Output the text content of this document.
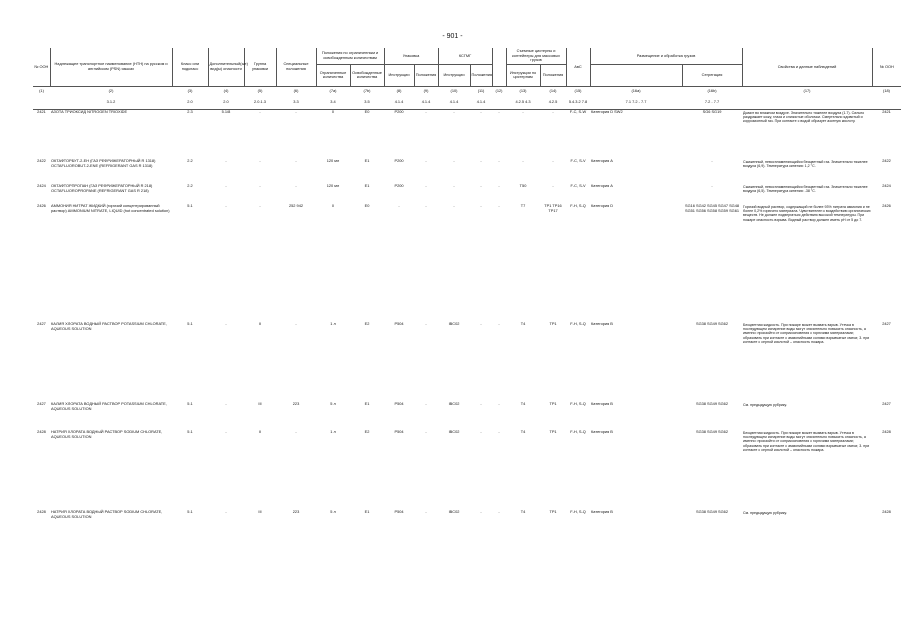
- 901 -
№ ООН	Надлежащее транспортное наименование (НТН) на русском и английском (PSN) языках	Класс или подкласс	Дополнительный(ые) вид(ы) опасности	Группа упаковки	Специальные положения	Положения по ограниченным и освобожденным количествам		Упаковка		КСГМГ			Съемные цистерны и контейнеры для массовых грузов		АвС	Размещение и обработка грузов		Свойства и данные наблюдений	№ ООН
						Ограниченные количества	Освобожденные количества	Инструкции	Положения	Инструкции	Положения		Инструкции по цистернам	Положения			Сегрегация		
(1)	(2)	(3)	(4)	(5)	(6)	(7a)	(7b)	(8)	(9)	(10)	(11)	(12)	(13)	(14)	(15)	(16a)	(16b)	(17)	(18)
	3.1.2	2.0	2.0	2.0.1.3	3.3	3.4	3.5	4.1.4	4.1.4	4.1.4	4.1.4		4.2.5 4.3	4.2.5	5.4.3.2 7.8	7.1 7.2 - 7.7	7.2 - 7.7		
2421	АЗОТА ТРИОКСИД NITROGEN TRIOXIDE	2.3	5.1/8	-	-	0	E0	P200	-	-	-	-	-	-	F-C, S-W	Категория D SW2	SG6 SG19	Дымит во влажном воздухе. Значительно тяжелее воздуха (1.7). Сильно раздражает кожу, глаза и слизистые оболочки. Смертельно ядовитый и коррозионный газ. При контакте с водой образует азотную кислоту.	2421
2422	ОКТАФТОРБУТ-2-ЕН (ГАЗ РЕФРИЖЕРАТОРНЫЙ R 1318) OCTAFLUOROBUT-2-ENE (REFRIGERANT GAS R 1318)	2.2	-	-	-	120 мл	E1	P200	-	-	-	-	-	-	F-C, S-V	Категория A	-	Сжиженный, невоспламеняющийся бесцветный газ. Значительно тяжелее воздуха (6,9). Температура кипения: 1,2 °C.	2422
2424	ОКТАФТОРПРОПАН (ГАЗ РЕФРИЖЕРАТОРНЫЙ R 218) OCTAFLUOROPROPANE (REFRIGERANT GAS R 218)	2.2	-	-	-	120 мл	E1	P200	-	-	-	-	T50	-	F-C, S-V	Категория A	-	Сжиженный, невоспламеняющийся бесцветный газ. Значительно тяжелее воздуха (6,5). Температура кипения: -38 °C.	2424
2426	АММОНИЯ НИТРАТ ЖИДКИЙ (горячий концентрированный раствор) AMMONIUM NITRATE, LIQUID (hot concentrated solution)	5.1	-	-	252 942	0	E0	-	-	-	-	-	T7	TP1 TP16 TP17	F-H, S-Q	Категория D	SG16 SG42 SG45 SG47 SG48 SG51 SG56 SG58 SG59 SG61	Горячий водный раствор, содержащий не более 93% нитрата аммония и не более 0,2% горючего материала. Чувствителен к воздействию органических веществ. Не должен подвергаться действию высокой температуры. При пожаре опасность взрыва. Водный раствор должен иметь pH от 5 до 7.	2426
2427	КАЛИЯ ХЛОРАТА ВОДНЫЙ РАСТВОР POTASSIUM CHLORATE, AQUEOUS SOLUTION	5.1	-	II	-	1 л	E2	P504	-	IBC02	-	-	T4	TP1	F-H, S-Q	Категория B	SG38 SG49 SG62	Бесцветная жидкость. При пожаре может вызвать взрыв. Утечка в последующем испарение воды могут значительно повысить опасность, а именно: произойти от соприкосновения с горючими материалами; образовать при контакте с аммонийными солями взрывчатые смеси; 3. при контакте с серной кислотой – опасность пожара.	2427
2427	КАЛИЯ ХЛОРАТА ВОДНЫЙ РАСТВОР POTASSIUM CHLORATE, AQUEOUS SOLUTION	5.1	-	III	223	5 л	E1	P504	-	IBC02	-	-	T4	TP1	F-H, S-Q	Категория B	SG38 SG49 SG62	См. предыдущую рубрику.	2427
2428	НАТРИЯ ХЛОРАТА ВОДНЫЙ РАСТВОР SODIUM CHLORATE, AQUEOUS SOLUTION	5.1	-	II	-	1 л	E2	P504	-	IBC02	-	-	T4	TP1	F-H, S-Q	Категория B	SG38 SG49 SG62	Бесцветная жидкость. При пожаре может вызвать взрыв. Утечка в последующем испарение воды могут значительно повысить опасность, а именно: произойти от соприкосновения с горючими материалами; образовать при контакте с аммонийными солями взрывчатые смеси; 3. при контакте с серной кислотой – опасность пожара.	2428
2428	НАТРИЯ ХЛОРАТА ВОДНЫЙ РАСТВОР SODIUM CHLORATE, AQUEOUS SOLUTION	5.1	-	III	223	5 л	E1	P504	-	IBC02	-	-	T4	TP1	F-H, S-Q	Категория B	SG38 SG49 SG62	См. предыдущую рубрику.	2428
